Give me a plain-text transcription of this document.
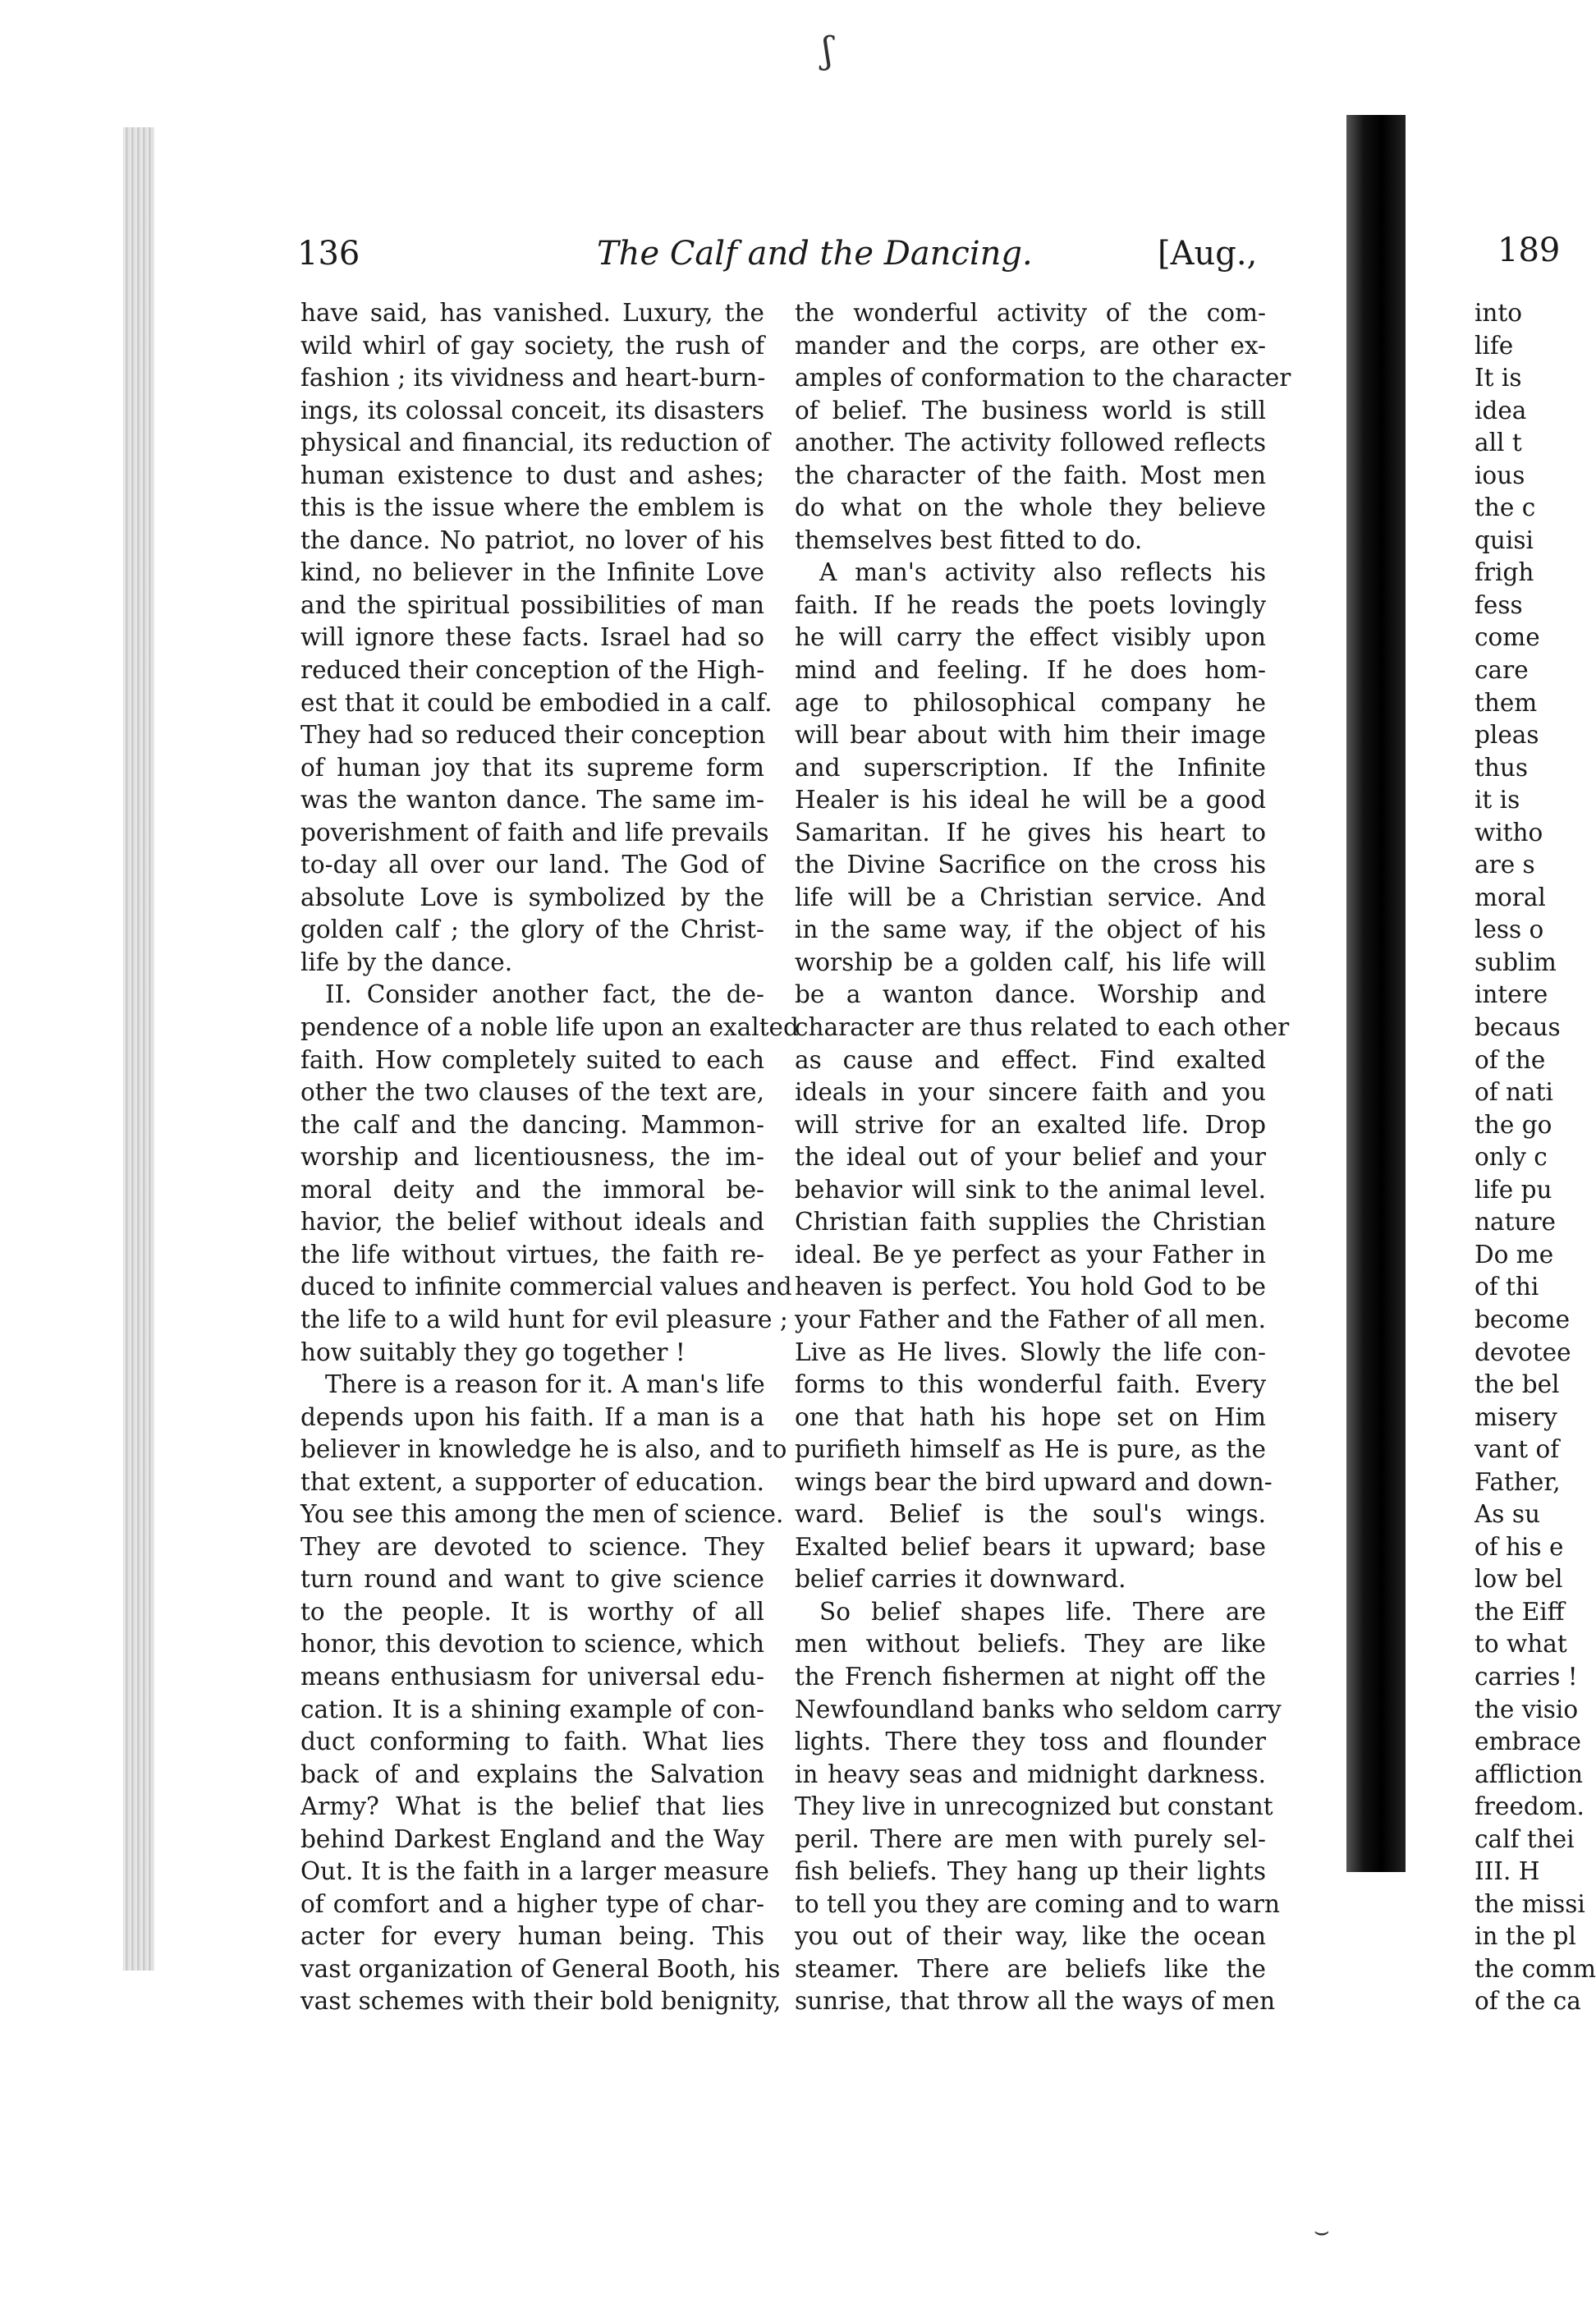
ʃ
⌣
136	The Calf and the Dancing.	[Aug.,
have said, has vanished. Luxury, the
wild whirl of gay society, the rush of
fashion ; its vividness and heart-burn-
ings, its colossal conceit, its disasters
physical and financial, its reduction of
human existence to dust and ashes;
this is the issue where the emblem is
the dance. No patriot, no lover of his
kind, no believer in the Infinite Love
and the spiritual possibilities of man
will ignore these facts. Israel had so
reduced their conception of the High-
est that it could be embodied in a calf.
They had so reduced their conception
of human joy that its supreme form
was the wanton dance. The same im-
poverishment of faith and life prevails
to-day all over our land. The God of
absolute Love is symbolized by the
golden calf ; the glory of the Christ-
life by the dance.
II. Consider another fact, the de-
pendence of a noble life upon an exalted
faith. How completely suited to each
other the two clauses of the text are,
the calf and the dancing. Mammon-
worship and licentiousness, the im-
moral deity and the immoral be-
havior, the belief without ideals and
the life without virtues, the faith re-
duced to infinite commercial values and
the life to a wild hunt for evil pleasure ;
how suitably they go together !
There is a reason for it. A man's life
depends upon his faith. If a man is a
believer in knowledge he is also, and to
that extent, a supporter of education.
You see this among the men of science.
They are devoted to science. They
turn round and want to give science
to the people. It is worthy of all
honor, this devotion to science, which
means enthusiasm for universal edu-
cation. It is a shining example of con-
duct conforming to faith. What lies
back of and explains the Salvation
Army? What is the belief that lies
behind Darkest England and the Way
Out. It is the faith in a larger measure
of comfort and a higher type of char-
acter for every human being. This
vast organization of General Booth, his
vast schemes with their bold benignity,
the wonderful activity of the com-
mander and the corps, are other ex-
amples of conformation to the character
of belief. The business world is still
another. The activity followed reflects
the character of the faith. Most men
do what on the whole they believe
themselves best fitted to do.
A man's activity also reflects his
faith. If he reads the poets lovingly
he will carry the effect visibly upon
mind and feeling. If he does hom-
age to philosophical company he
will bear about with him their image
and superscription. If the Infinite
Healer is his ideal he will be a good
Samaritan. If he gives his heart to
the Divine Sacrifice on the cross his
life will be a Christian service. And
in the same way, if the object of his
worship be a golden calf, his life will
be a wanton dance. Worship and
character are thus related to each other
as cause and effect. Find exalted
ideals in your sincere faith and you
will strive for an exalted life. Drop
the ideal out of your belief and your
behavior will sink to the animal level.
Christian faith supplies the Christian
ideal. Be ye perfect as your Father in
heaven is perfect. You hold God to be
your Father and the Father of all men.
Live as He lives. Slowly the life con-
forms to this wonderful faith. Every
one that hath his hope set on Him
purifieth himself as He is pure, as the
wings bear the bird upward and down-
ward. Belief is the soul's wings.
Exalted belief bears it upward; base
belief carries it downward.
So belief shapes life. There are
men without beliefs. They are like
the French fishermen at night off the
Newfoundland banks who seldom carry
lights. There they toss and flounder
in heavy seas and midnight darkness.
They live in unrecognized but constant
peril. There are men with purely sel-
fish beliefs. They hang up their lights
to tell you they are coming and to warn
you out of their way, like the ocean
steamer. There are beliefs like the
sunrise, that throw all the ways of men
189
into
life
It is
idea
all t
ious
the c
quisi
frigh
fess
come
care
them
pleas
thus
it is
witho
are s
moral
less o
sublim
intere
becaus
of the
of nati
the go
only c
life pu
nature
Do me
of thi
become
devotee
the bel
misery
vant of
Father,
As su
of his e
low bel
the Eiff
to what
carries !
the visio
embrace
affliction
freedom.
calf thei
III. H
the missi
in the pl
the comm
of the ca
